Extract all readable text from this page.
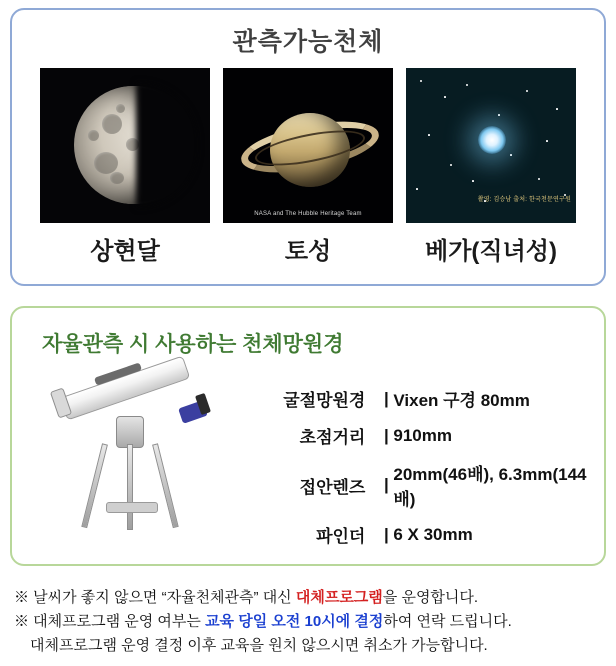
관측가능천체
상현달
NASA and The Hubble Heritage Team
토성
촬영: 김승남 출처: 한국천문연구원
베가(직녀성)
자율관측 시 사용하는 천체망원경
굴절망원경	|	Vixen 구경 80mm
초점거리	|	910mm
접안렌즈	|	20mm(46배), 6.3mm(144배)
파인더	|	6 X 30mm
※ 날씨가 좋지 않으면 “자율천체관측” 대신 대체프로그램을 운영합니다.
※ 대체프로그램 운영 여부는 교육 당일 오전 10시에 결정하여 연락 드립니다.
대체프로그램 운영 결정 이후 교육을 원치 않으시면 취소가 가능합니다.
